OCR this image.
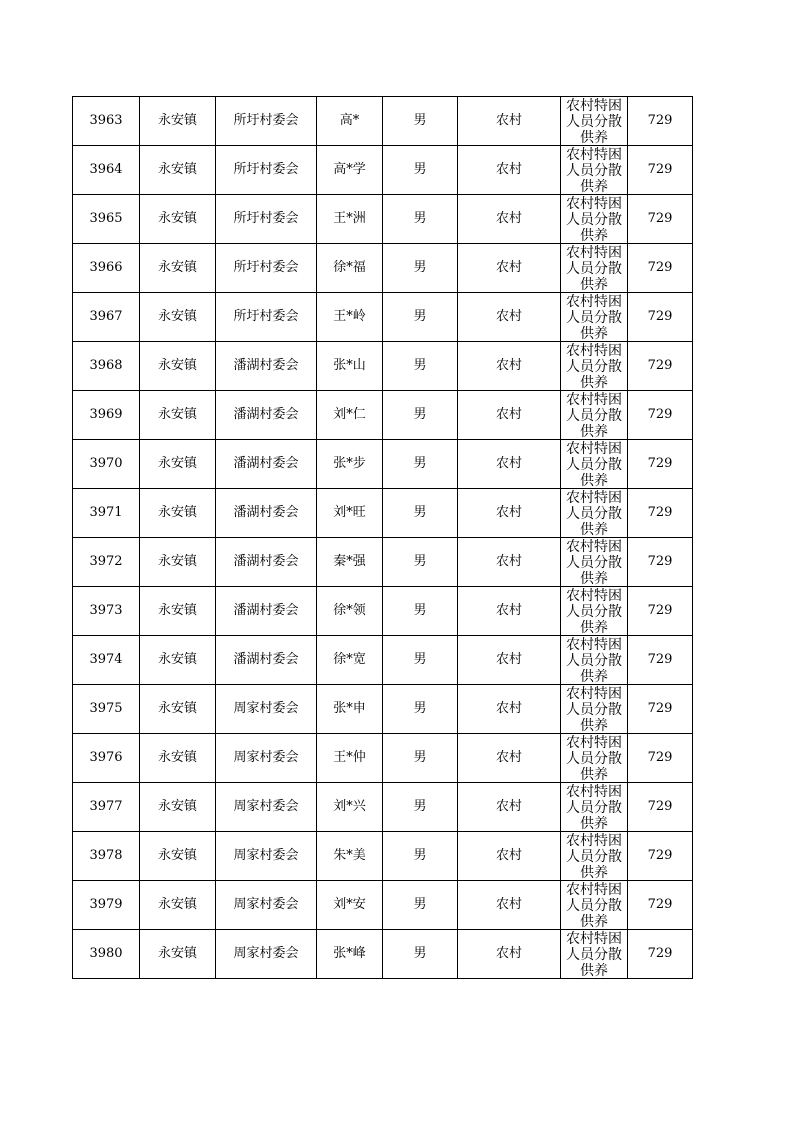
3963	永安镇	所圩村委会	高*	男	农村	农村特困人员分散供养	729
3964	永安镇	所圩村委会	高*学	男	农村	农村特困人员分散供养	729
3965	永安镇	所圩村委会	王*洲	男	农村	农村特困人员分散供养	729
3966	永安镇	所圩村委会	徐*福	男	农村	农村特困人员分散供养	729
3967	永安镇	所圩村委会	王*岭	男	农村	农村特困人员分散供养	729
3968	永安镇	潘湖村委会	张*山	男	农村	农村特困人员分散供养	729
3969	永安镇	潘湖村委会	刘*仁	男	农村	农村特困人员分散供养	729
3970	永安镇	潘湖村委会	张*步	男	农村	农村特困人员分散供养	729
3971	永安镇	潘湖村委会	刘*旺	男	农村	农村特困人员分散供养	729
3972	永安镇	潘湖村委会	秦*强	男	农村	农村特困人员分散供养	729
3973	永安镇	潘湖村委会	徐*领	男	农村	农村特困人员分散供养	729
3974	永安镇	潘湖村委会	徐*宽	男	农村	农村特困人员分散供养	729
3975	永安镇	周家村委会	张*申	男	农村	农村特困人员分散供养	729
3976	永安镇	周家村委会	王*仲	男	农村	农村特困人员分散供养	729
3977	永安镇	周家村委会	刘*兴	男	农村	农村特困人员分散供养	729
3978	永安镇	周家村委会	朱*美	男	农村	农村特困人员分散供养	729
3979	永安镇	周家村委会	刘*安	男	农村	农村特困人员分散供养	729
3980	永安镇	周家村委会	张*峰	男	农村	农村特困人员分散供养	729
